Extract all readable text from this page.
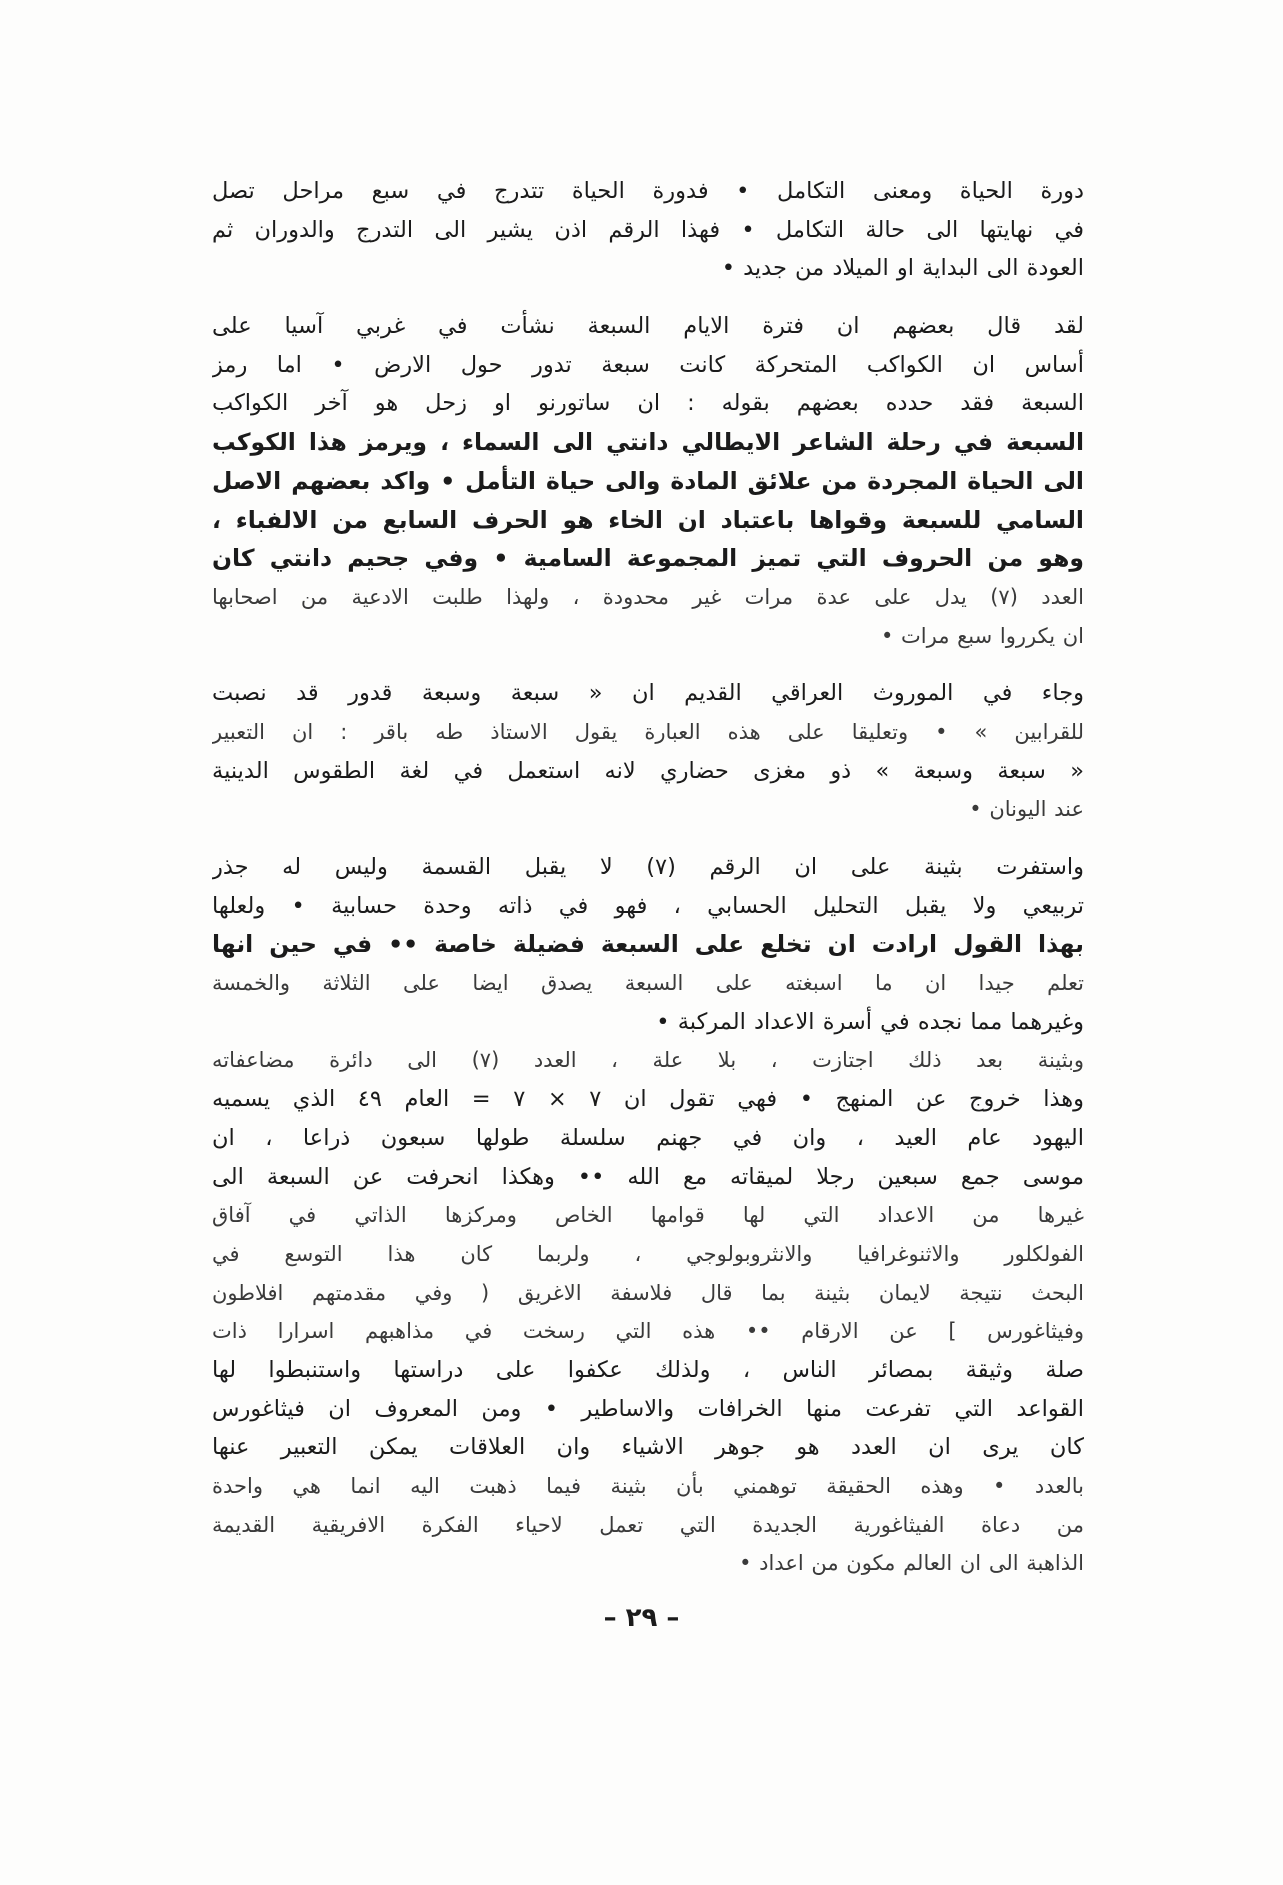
دورة الحياة ومعنى التكامل • فدورة الحياة تتدرج في سبع مراحل تصل
في نهايتها الى حالة التكامل • فهذا الرقم اذن يشير الى التدرج والدوران ثم
العودة الى البداية او الميلاد من جديد •
لقد قال بعضهم ان فترة الايام السبعة نشأت في غربي آسيا على
أساس ان الكواكب المتحركة كانت سبعة تدور حول الارض • اما رمز
السبعة فقد حدده بعضهم بقوله : ان ساتورنو او زحل هو آخر الكواكب
السبعة في رحلة الشاعر الايطالي دانتي الى السماء ، ويرمز هذا الكوكب
الى الحياة المجردة من علائق المادة والى حياة التأمل • واكد بعضهم الاصل
السامي للسبعة وقواها باعتباد ان الخاء هو الحرف السابع من الالفباء ،
وهو من الحروف التي تميز المجموعة السامية • وفي جحيم دانتي كان
العدد (٧) يدل على عدة مرات غير محدودة ، ولهذا طلبت الادعية من اصحابها
ان يكرروا سبع مرات •
وجاء في الموروث العراقي القديم ان « سبعة وسبعة قدور قد نصبت
للقرابين » • وتعليقا على هذه العبارة يقول الاستاذ طه باقر : ان التعبير
« سبعة وسبعة » ذو مغزى حضاري لانه استعمل في لغة الطقوس الدينية
عند اليونان •
واستفرت بثينة على ان الرقم (٧) لا يقبل القسمة وليس له جذر
تربيعي ولا يقبل التحليل الحسابي ، فهو في ذاته وحدة حسابية • ولعلها
بهذا القول ارادت ان تخلع على السبعة فضيلة خاصة •• في حين انها
تعلم جيدا ان ما اسبغته على السبعة يصدق ايضا على الثلاثة والخمسة
وغيرهما مما نجده في أسرة الاعداد المركبة •
وبثينة بعد ذلك اجتازت ، بلا علة ، العدد (٧) الى دائرة مضاعفاته
وهذا خروج عن المنهج • فهي تقول ان ٧ × ٧ = العام ٤٩ الذي يسميه
اليهود عام العيد ، وان في جهنم سلسلة طولها سبعون ذراعا ، ان
موسى جمع سبعين رجلا لميقاته مع الله •• وهكذا انحرفت عن السبعة الى
غيرها من الاعداد التي لها قوامها الخاص ومركزها الذاتي في آفاق
الفولكلور والاثنوغرافيا والانثروبولوجي ، ولربما كان هذا التوسع في
البحث نتيجة لايمان بثينة بما قال فلاسفة الاغريق ( وفي مقدمتهم افلاطون
وفيثاغورس ] عن الارقام •• هذه التي رسخت في مذاهبهم اسرارا ذات
صلة وثيقة بمصائر الناس ، ولذلك عكفوا على دراستها واستنبطوا لها
القواعد التي تفرعت منها الخرافات والاساطير • ومن المعروف ان فيثاغورس
كان يرى ان العدد هو جوهر الاشياء وان العلاقات يمكن التعبير عنها
بالعدد • وهذه الحقيقة توهمني بأن بثينة فيما ذهبت اليه انما هي واحدة
من دعاة الفيثاغورية الجديدة التي تعمل لاحياء الفكرة الافريقية القديمة
الذاهبة الى ان العالم مكون من اعداد •
– ٢٩ –
